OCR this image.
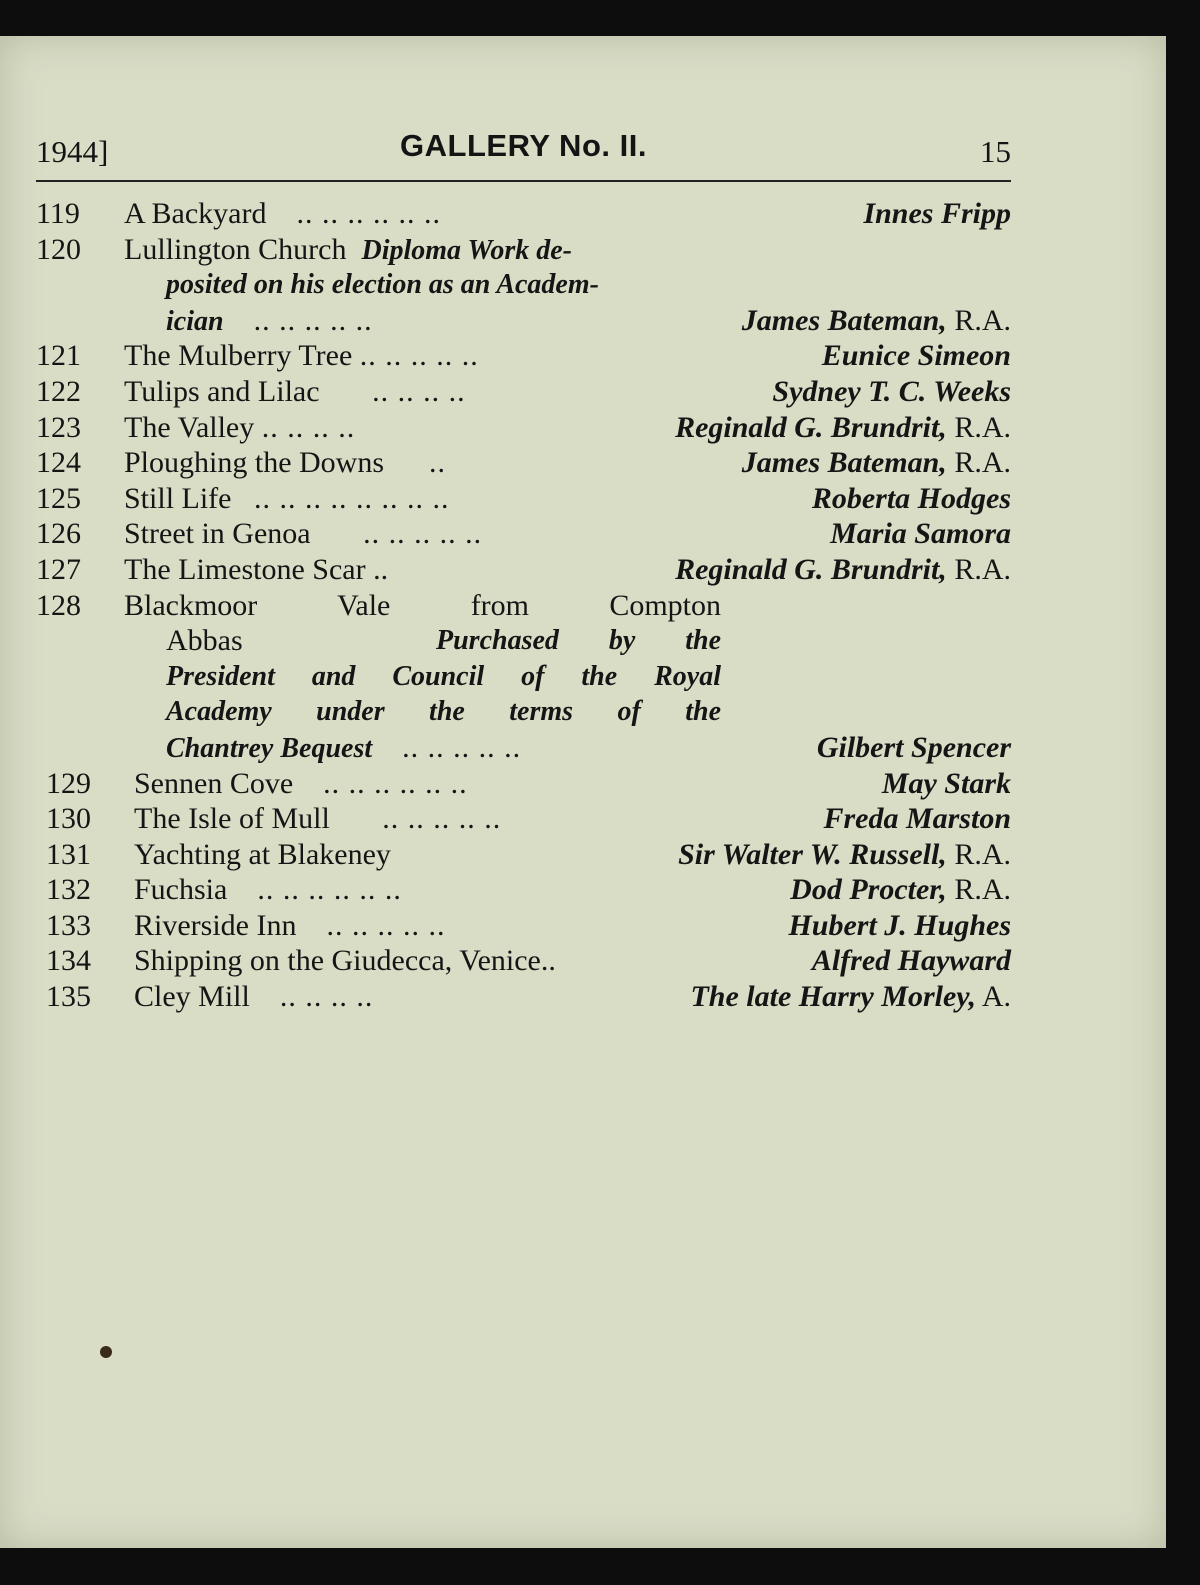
1944]	GALLERY No. II.	15
119	A Backyard .. .. .. .. .. ..	Innes Fripp
120	Lullington Church Diploma Work de-
posited on his election as an Academ-
ician .. .. .. .. ..	James Bateman, R.A.
121	The Mulberry Tree .. .. .. .. ..	Eunice Simeon
122	Tulips and Lilac .. .. .. ..	Sydney T. C. Weeks
123	The Valley .. .. .. ..	Reginald G. Brundrit, R.A.
124	Ploughing the Downs ..	James Bateman, R.A.
125	Still Life .. .. .. .. .. .. .. ..	Roberta Hodges
126	Street in Genoa .. .. .. .. ..	Maria Samora
127	The Limestone Scar ..	Reginald G. Brundrit, R.A.
128	Blackmoor Vale from Compton
Abbas	Purchased by the
President and Council of the Royal
Academy under the terms of the
Chantrey Bequest .. .. .. .. ..	Gilbert Spencer
129	Sennen Cove .. .. .. .. .. ..	May Stark
130	The Isle of Mull .. .. .. .. ..	Freda Marston
131	Yachting at Blakeney	Sir Walter W. Russell, R.A.
132	Fuchsia .. .. .. .. .. ..	Dod Procter, R.A.
133	Riverside Inn .. .. .. .. ..	Hubert J. Hughes
134	Shipping on the Giudecca, Venice..	Alfred Hayward
135	Cley Mill .. .. .. ..	The late Harry Morley, A.
